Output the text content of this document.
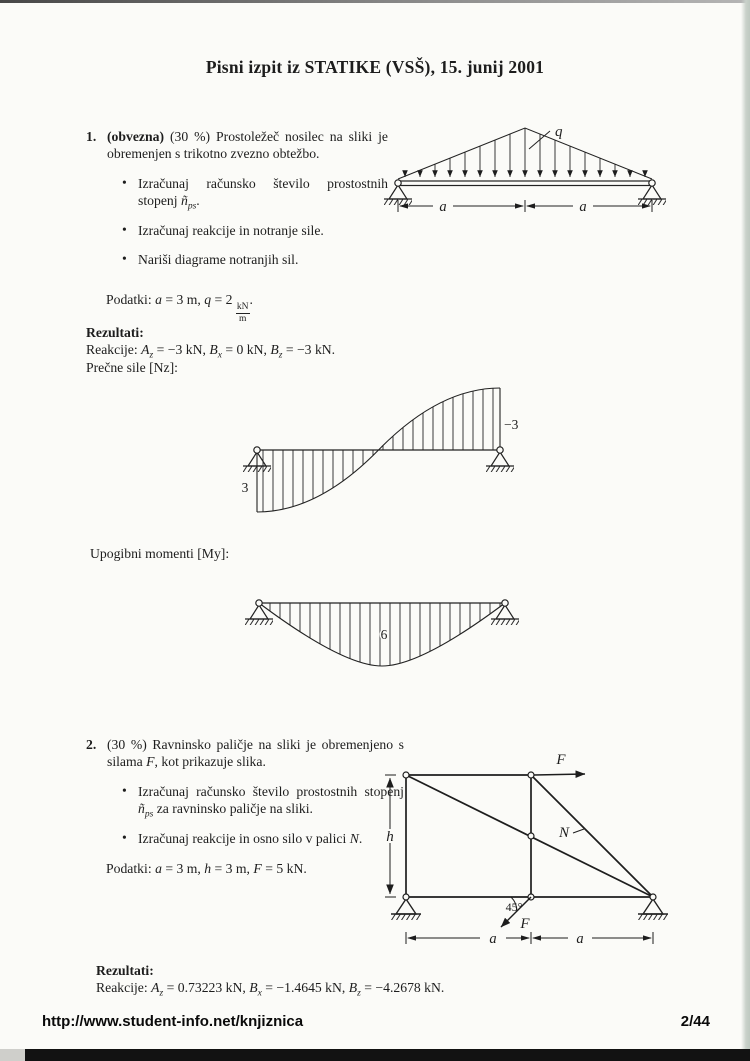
Pisni izpit iz STATIKE (VSŠ), 15. junij 2001
1. (obvezna) (30 %) Prostoležeč nosilec na sliki je obremenjen s trikotno zvezno obtežbo.

• Izračunaj računsko število prostostnih stopenj $ñ_{ps}$.
• Izračunaj reakcije in notranje sile.
• Nariši diagrame notranjih sil.

Podatki: a = 3 m, q = 2
$\frac{kN}{m}$
.

Rezultati:

Reakcije: $A_z = -3$ kN, $B_x = 0$ kN, $B_z = -3$ kN.

Prečne sile [Nz]:

q
a	a
3
−3
Upogibni momenti [My]:
6
2. (30 %) Ravninsko paličje na sliki je obremenjeno s silama F, kot prikazuje slika.

• Izračunaj računsko število prostostnih stopenj $ñ_{ps}$ za ravninsko paličje na sliki.
• Izračunaj reakcije in osno silo v palici N.

Podatki: a = 3 m, h = 3 m, F = 5 kN.

F
N
45°
F
h
a	a

Rezultati:

Reakcije: $A_z = 0.73223$ kN, $B_x = -1.4645$ kN, $B_z = -4.2678$ kN.

http://www.student-info.net/knjiznica	2/44
